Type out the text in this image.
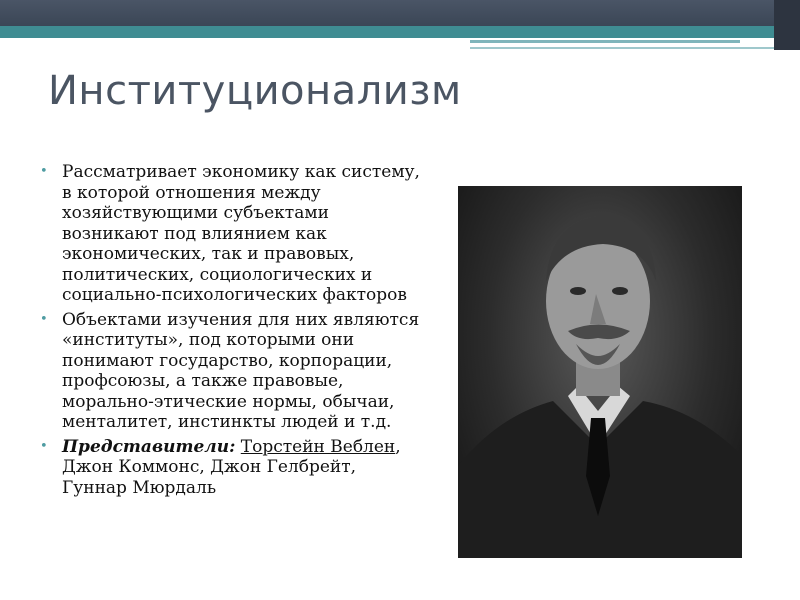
Институционализм
• Рассматривает экономику как систему, в которой отношения между хозяйствующими субъектами возникают под влиянием как экономических, так и правовых, политических, социологических и социально-психологических факторов
• Объектами изучения для них являются «институты», под которыми они понимают государство, корпорации, профсоюзы, а также правовые, морально-этические нормы, обычаи, менталитет, инстинкты людей и т.д.
• Представители: Торстейн Веблен, Джон Коммонс, Джон Гелбрейт, Гуннар Мюрдаль
